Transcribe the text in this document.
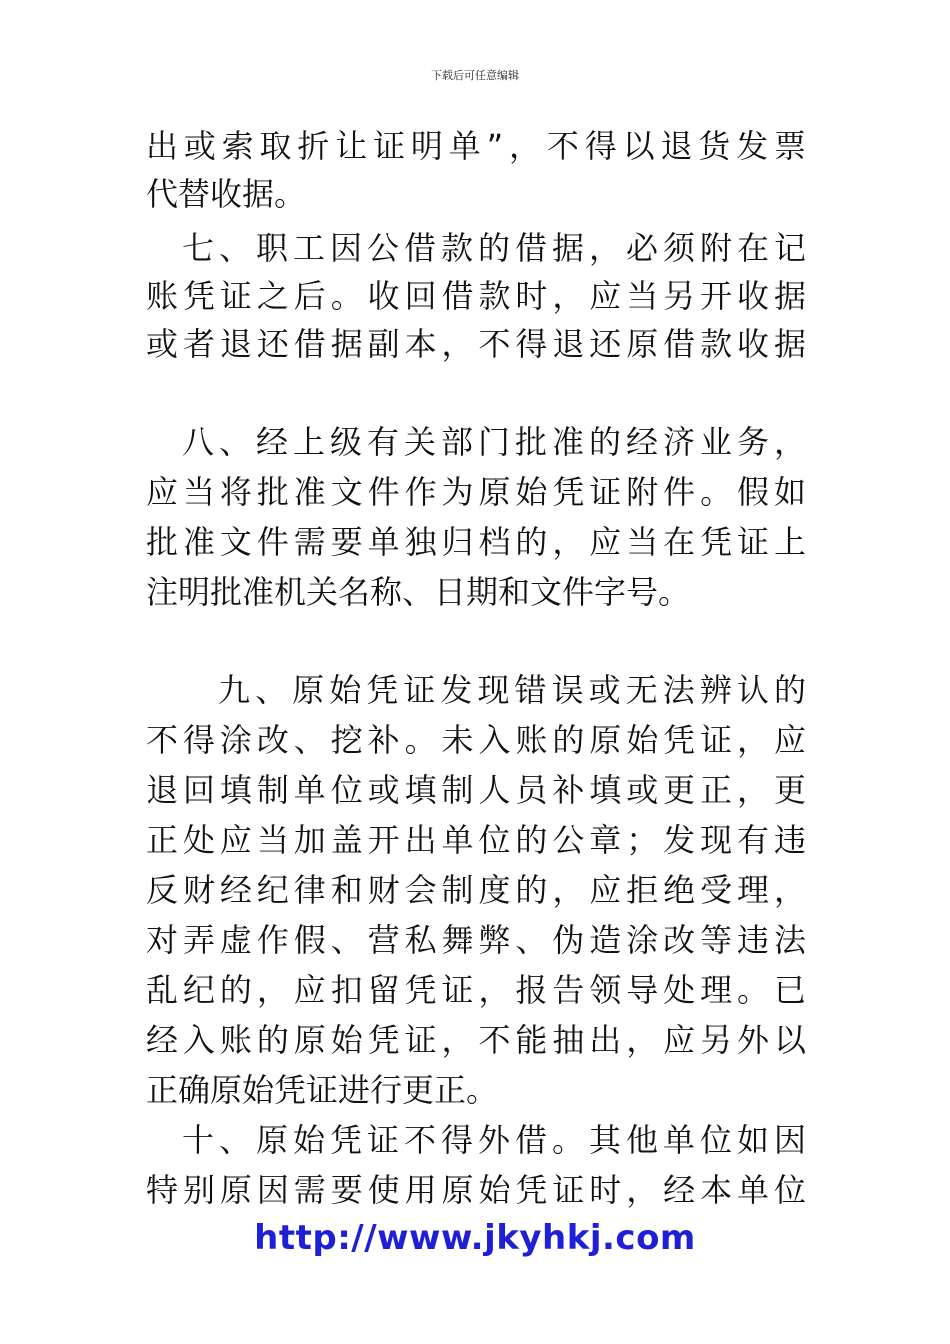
下载后可任意编辑
出或索取折让证明单”，不得以退货发票
代替收据。
七、职工因公借款的借据，必须附在记
账凭证之后。收回借款时，应当另开收据
或者退还借据副本，不得退还原借款收据
八、经上级有关部门批准的经济业务，
应当将批准文件作为原始凭证附件。假如
批准文件需要单独归档的，应当在凭证上
注明批准机关名称、日期和文件字号。
九、原始凭证发现错误或无法辨认的
不得涂改、挖补。未入账的原始凭证，应
退回填制单位或填制人员补填或更正，更
正处应当加盖开出单位的公章；发现有违
反财经纪律和财会制度的，应拒绝受理，
对弄虚作假、营私舞弊、伪造涂改等违法
乱纪的，应扣留凭证，报告领导处理。已
经入账的原始凭证，不能抽出，应另外以
正确原始凭证进行更正。
十、原始凭证不得外借。其他单位如因
特别原因需要使用原始凭证时，经本单位
http://www.jkyhkj.com
